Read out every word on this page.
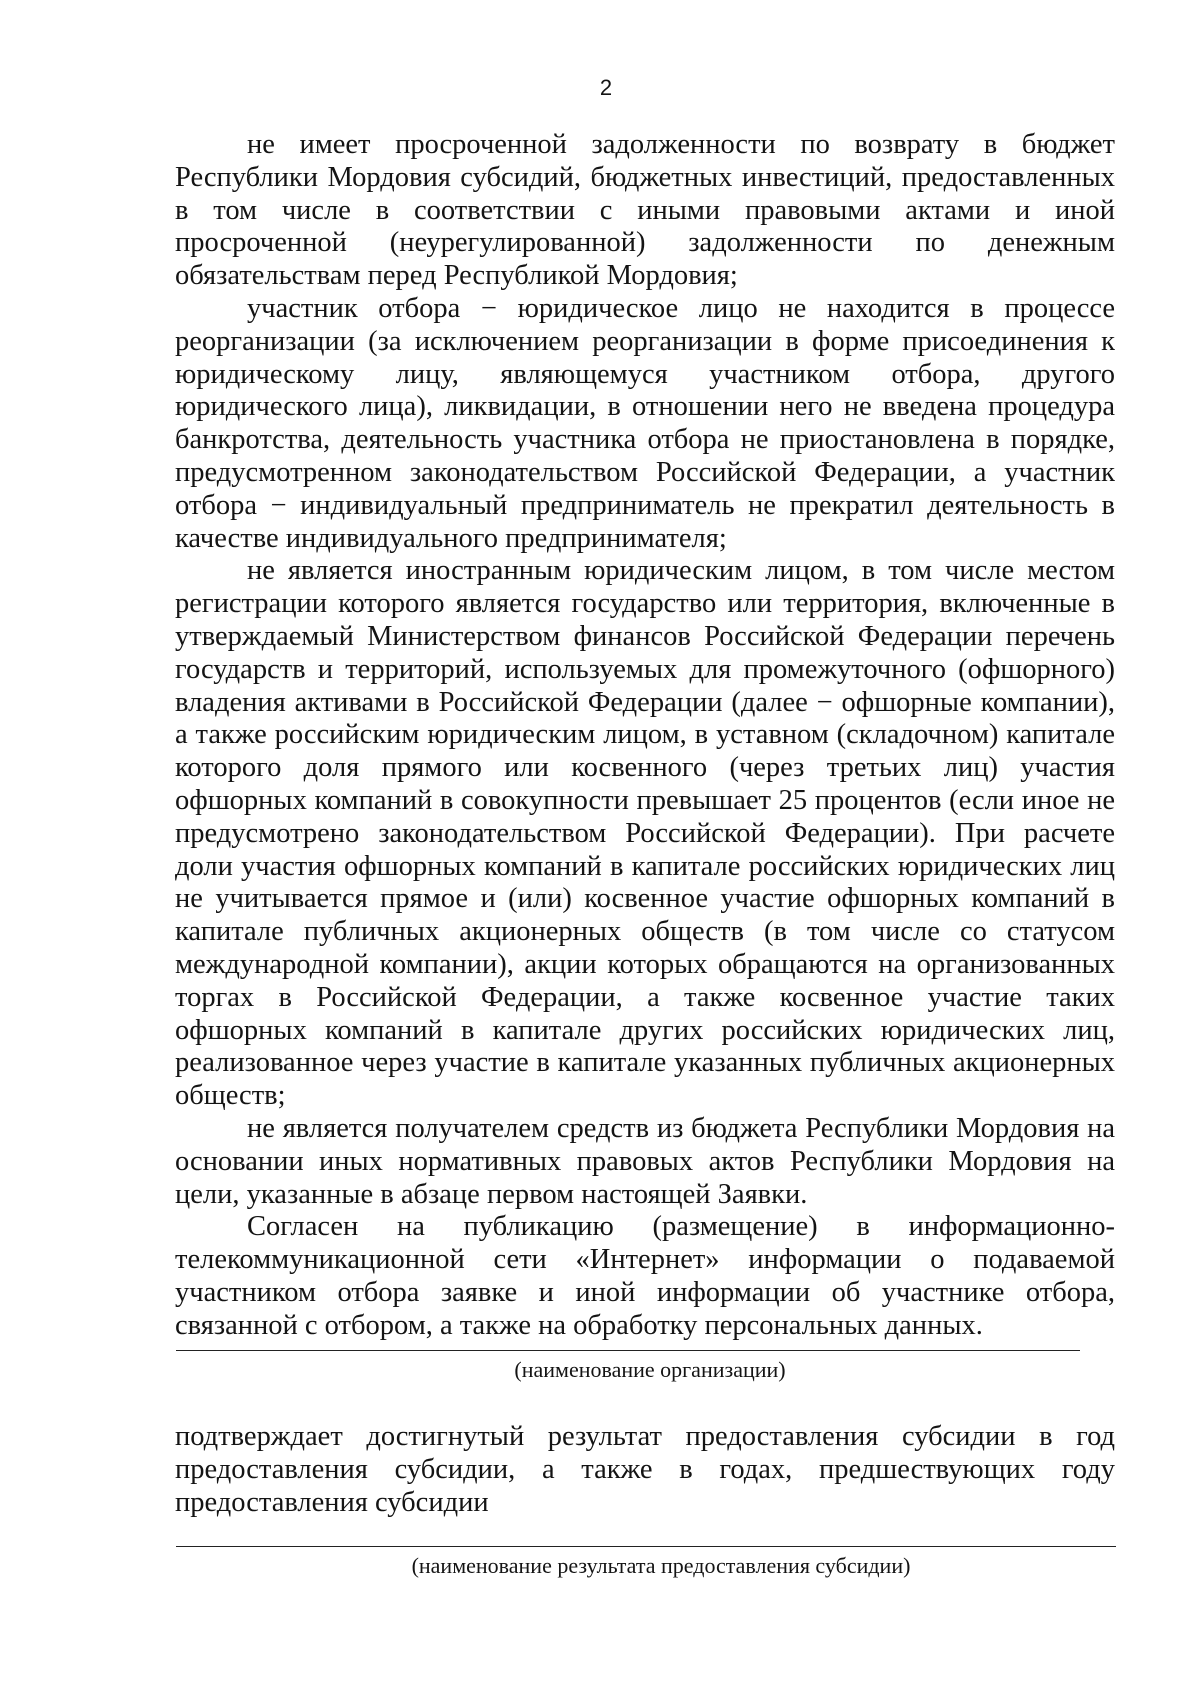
2

не имеет просроченной задолженности по возврату в бюджет Республики Мордовия субсидий, бюджетных инвестиций, предоставленных в том числе в соответствии с иными правовыми актами и иной просроченной (неурегулированной) задолженности по денежным обязательствам перед Республикой Мордовия;

участник отбора − юридическое лицо не находится в процессе реорганизации (за исключением реорганизации в форме присоединения к юридическому лицу, являющемуся участником отбора, другого юридического лица), ликвидации, в отношении него не введена процедура банкротства, деятельность участника отбора не приостановлена в порядке, предусмотренном законодательством Российской Федерации, а участник отбора − индивидуальный предприниматель не прекратил деятельность в качестве индивидуального предпринимателя;

не является иностранным юридическим лицом, в том числе местом регистрации которого является государство или территория, включенные в утверждаемый Министерством финансов Российской Федерации перечень государств и территорий, используемых для промежуточного (офшорного) владения активами в Российской Федерации (далее − офшорные компании), а также российским юридическим лицом, в уставном (складочном) капитале которого доля прямого или косвенного (через третьих лиц) участия офшорных компаний в совокупности превышает 25 процентов (если иное не предусмотрено законодательством Российской Федерации). При расчете доли участия офшорных компаний в капитале российских юридических лиц не учитывается прямое и (или) косвенное участие офшорных компаний в капитале публичных акционерных обществ (в том числе со статусом международной компании), акции которых обращаются на организованных торгах в Российской Федерации, а также косвенное участие таких офшорных компаний в капитале других российских юридических лиц, реализованное через участие в капитале указанных публичных акционерных обществ;

не является получателем средств из бюджета Республики Мордовия на основании иных нормативных правовых актов Республики Мордовия на цели, указанные в абзаце первом настоящей Заявки.

Согласен на публикацию (размещение) в информационно-телекоммуникационной сети «Интернет» информации о подаваемой участником отбора заявке и иной информации об участнике отбора, связанной с отбором, а также на обработку персональных данных.

(наименование организации)

подтверждает достигнутый результат предоставления субсидии в год предоставления субсидии, а также в годах, предшествующих году предоставления субсидии

(наименование результата предоставления субсидии)
